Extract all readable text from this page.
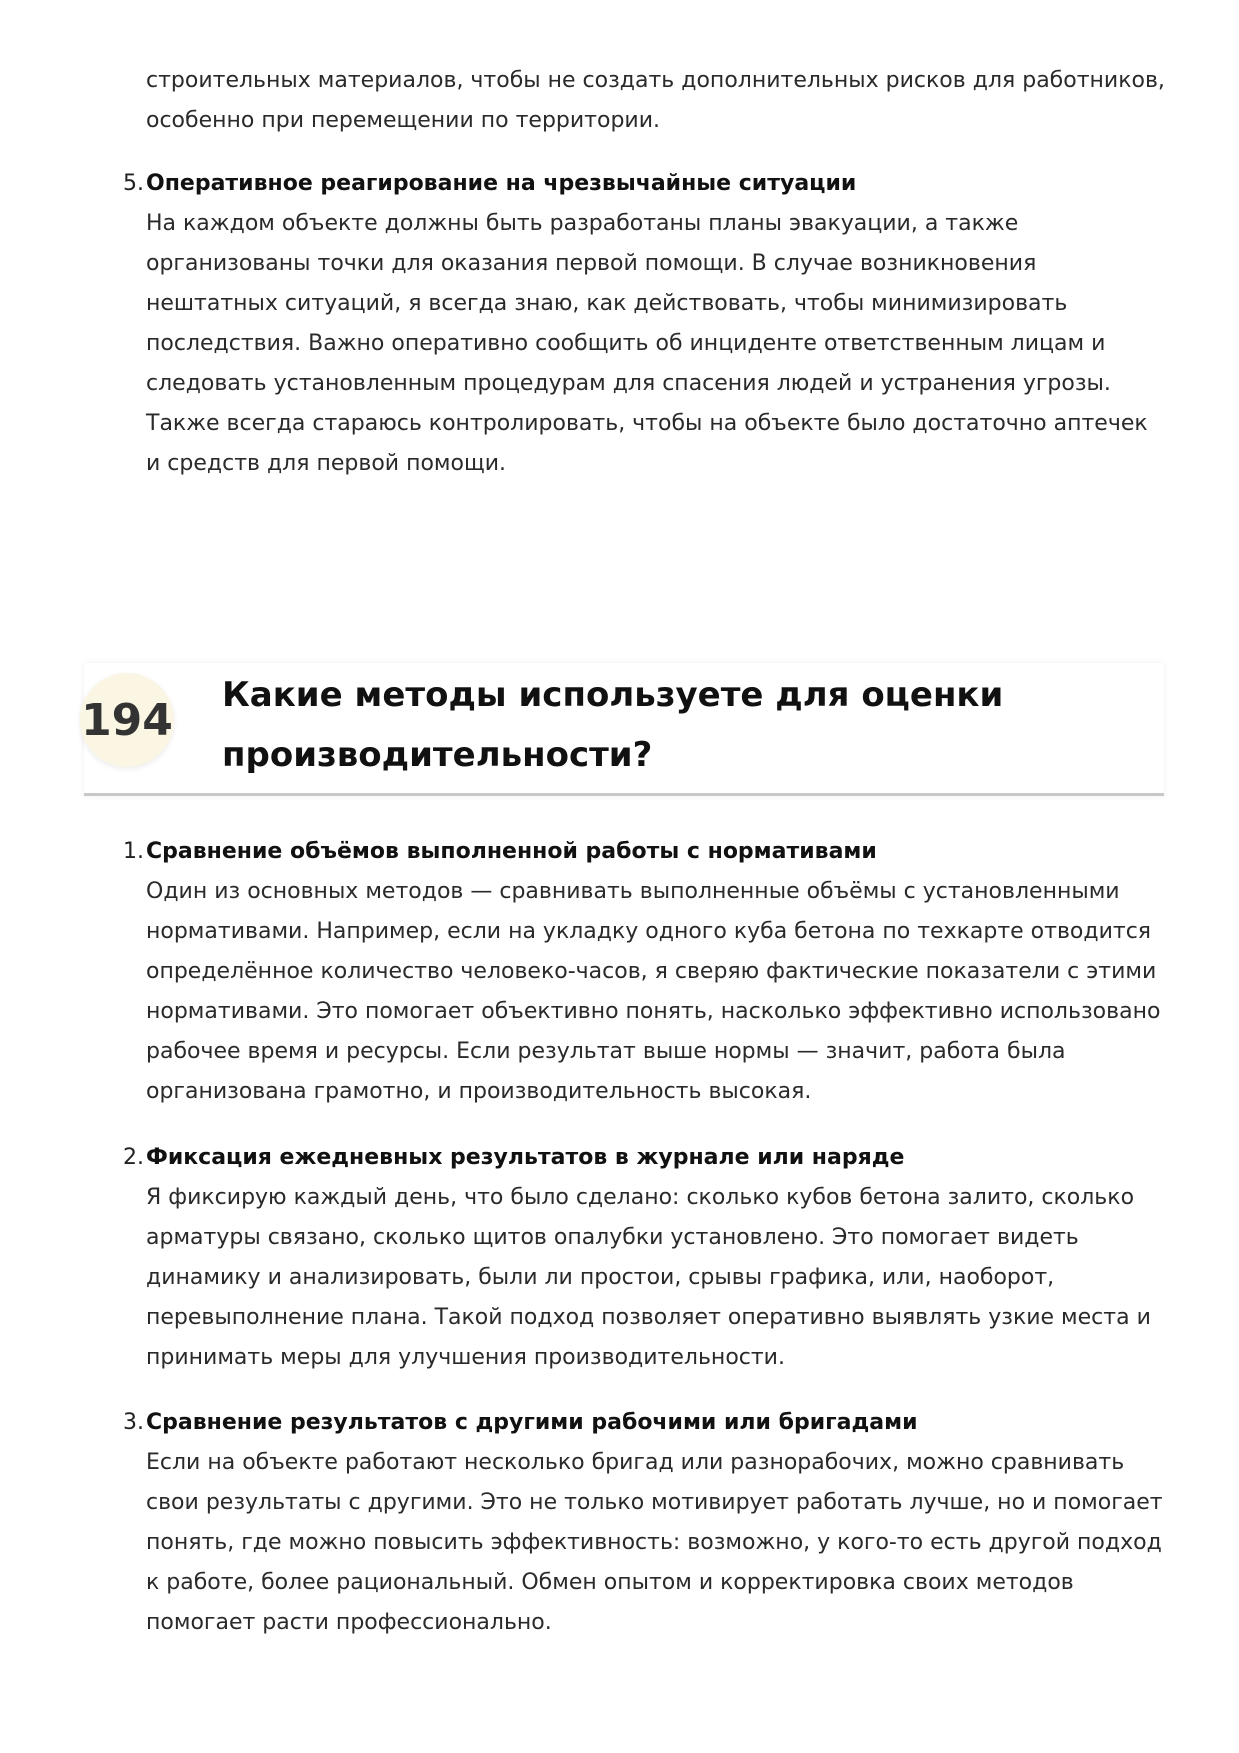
строительных материалов, чтобы не создать дополнительных рисков для работников, особенно при перемещении по территории.

5. Оперативное реагирование на чрезвычайные ситуации
На каждом объекте должны быть разработаны планы эвакуации, а также организованы точки для оказания первой помощи. В случае возникновения нештатных ситуаций, я всегда знаю, как действовать, чтобы минимизировать последствия. Важно оперативно сообщить об инциденте ответственным лицам и следовать установленным процедурам для спасения людей и устранения угрозы. Также всегда стараюсь контролировать, чтобы на объекте было достаточно аптечек и средств для первой помощи.
194 Какие методы используете для оценки производительности?
1. Сравнение объёмов выполненной работы с нормативами
Один из основных методов — сравнивать выполненные объёмы с установленными нормативами. Например, если на укладку одного куба бетона по техкарте отводится определённое количество человеко-часов, я сверяю фактические показатели с этими нормативами. Это помогает объективно понять, насколько эффективно использовано рабочее время и ресурсы. Если результат выше нормы — значит, работа была организована грамотно, и производительность высокая.
2. Фиксация ежедневных результатов в журнале или наряде
Я фиксирую каждый день, что было сделано: сколько кубов бетона залито, сколько арматуры связано, сколько щитов опалубки установлено. Это помогает видеть динамику и анализировать, были ли простои, срывы графика, или, наоборот, перевыполнение плана. Такой подход позволяет оперативно выявлять узкие места и принимать меры для улучшения производительности.
3. Сравнение результатов с другими рабочими или бригадами
Если на объекте работают несколько бригад или разнорабочих, можно сравнивать свои результаты с другими. Это не только мотивирует работать лучше, но и помогает понять, где можно повысить эффективность: возможно, у кого-то есть другой подход к работе, более рациональный. Обмен опытом и корректировка своих методов помогает расти профессионально.
